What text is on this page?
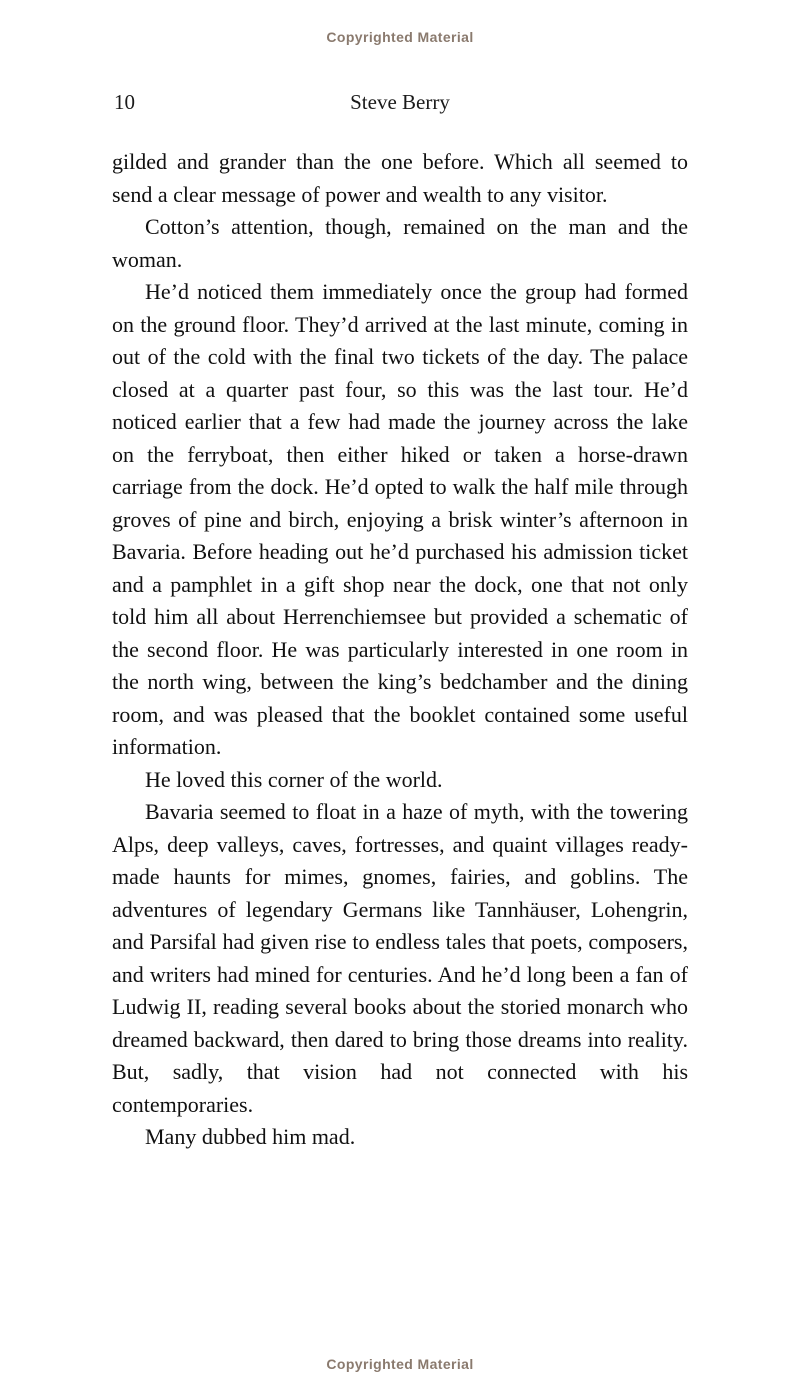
Copyrighted Material
10	Steve Berry

gilded and grander than the one before. Which all seemed to send a clear message of power and wealth to any visitor.

Cotton’s attention, though, remained on the man and the woman.

He’d noticed them immediately once the group had formed on the ground floor. They’d arrived at the last minute, coming in out of the cold with the final two tickets of the day. The palace closed at a quarter past four, so this was the last tour. He’d noticed earlier that a few had made the journey across the lake on the ferryboat, then either hiked or taken a horse-drawn carriage from the dock. He’d opted to walk the half mile through groves of pine and birch, enjoying a brisk winter’s afternoon in Bavaria. Before heading out he’d purchased his admission ticket and a pamphlet in a gift shop near the dock, one that not only told him all about Herrenchiemsee but provided a schematic of the second floor. He was particularly interested in one room in the north wing, between the king’s bedchamber and the dining room, and was pleased that the booklet contained some useful information.

He loved this corner of the world.

Bavaria seemed to float in a haze of myth, with the towering Alps, deep valleys, caves, fortresses, and quaint villages ready-made haunts for mimes, gnomes, fairies, and goblins. The adventures of legendary Germans like Tannhäuser, Lohengrin, and Parsifal had given rise to endless tales that poets, composers, and writers had mined for centuries. And he’d long been a fan of Ludwig II, reading several books about the storied monarch who dreamed backward, then dared to bring those dreams into reality. But, sadly, that vision had not connected with his contemporaries.

Many dubbed him mad.

Copyrighted Material
